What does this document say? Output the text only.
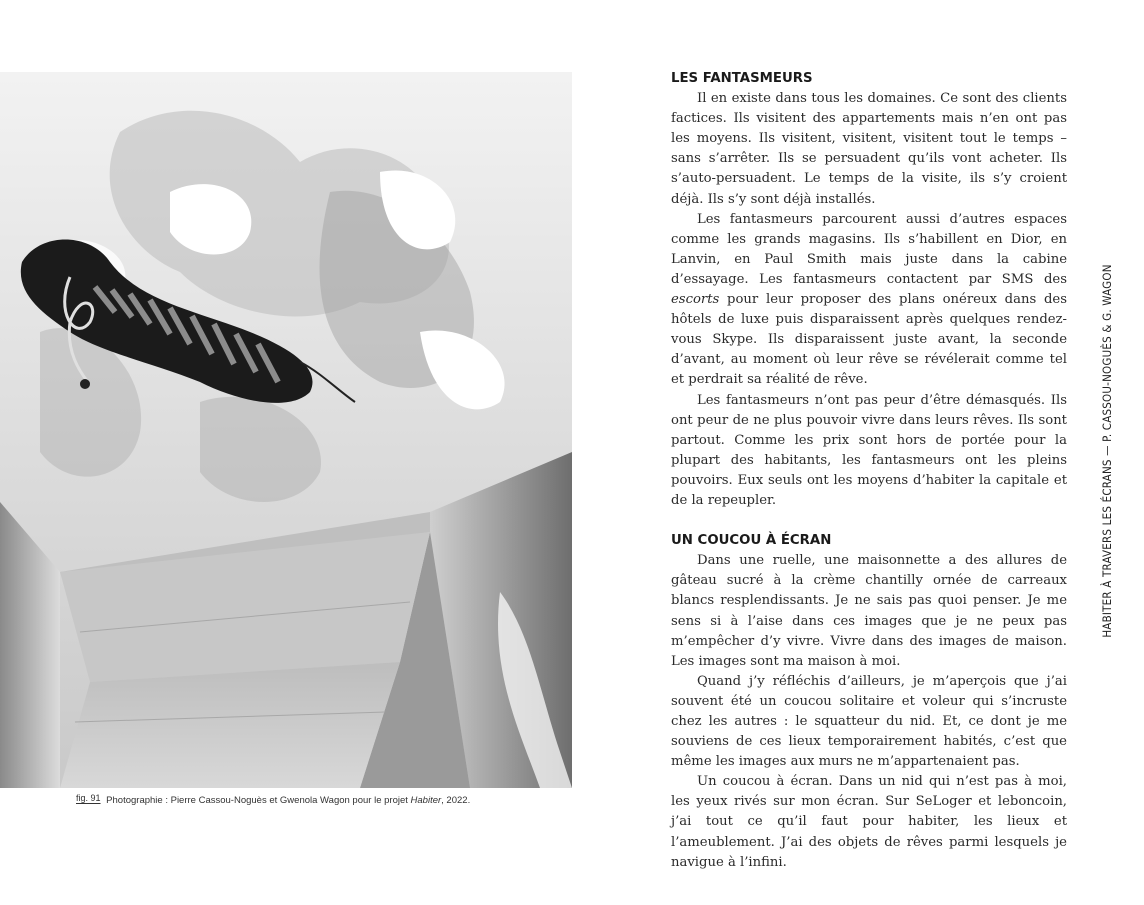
fig. 91 Photographie : Pierre Cassou-Noguès et Gwenola Wagon pour le projet Habiter, 2022.
LES FANTASMEURS

Il en existe dans tous les domaines. Ce sont des clients factices. Ils visitent des appartements mais n’en ont pas les moyens. Ils visitent, visitent, visitent tout le temps – sans s’arrêter. Ils se persuadent qu’ils vont acheter. Ils s’auto-persuadent. Le temps de la visite, ils s’y croient déjà. Ils s’y sont déjà installés.

Les fantasmeurs parcourent aussi d’autres espaces comme les grands magasins. Ils s’habillent en Dior, en Lanvin, en Paul Smith mais juste dans la cabine d’essayage. Les fantasmeurs contactent par SMS des escorts pour leur proposer des plans onéreux dans des hôtels de luxe puis disparaissent après quelques rendez-vous Skype. Ils disparaissent juste avant, la seconde d’avant, au moment où leur rêve se révélerait comme tel et perdrait sa réalité de rêve.

Les fantasmeurs n’ont pas peur d’être démasqués. Ils ont peur de ne plus pouvoir vivre dans leurs rêves. Ils sont partout. Comme les prix sont hors de portée pour la plupart des habitants, les fantasmeurs ont les pleins pouvoirs. Eux seuls ont les moyens d’habiter la capitale et de la repeupler.

UN COUCOU À ÉCRAN

Dans une ruelle, une maisonnette a des allures de gâteau sucré à la crème chantilly ornée de carreaux blancs resplendissants. Je ne sais pas quoi penser. Je me sens si à l’aise dans ces images que je ne peux pas m’empêcher d’y vivre. Vivre dans des images de maison. Les images sont ma maison à moi.

Quand j’y réfléchis d’ailleurs, je m’aperçois que j’ai souvent été un coucou solitaire et voleur qui s’incruste chez les autres : le squatteur du nid. Et, ce dont je me souviens de ces lieux temporairement habités, c’est que même les images aux murs ne m’appartenaient pas.

Un coucou à écran. Dans un nid qui n’est pas à moi, les yeux rivés sur mon écran. Sur SeLoger et leboncoin, j’ai tout ce qu’il faut pour habiter, les lieux et l’ameublement. J’ai des objets de rêves parmi lesquels je navigue à l’infini.

HABITER À TRAVERS LES ÉCRANS — P. CASSOU-NOGUÈS & G. WAGON
